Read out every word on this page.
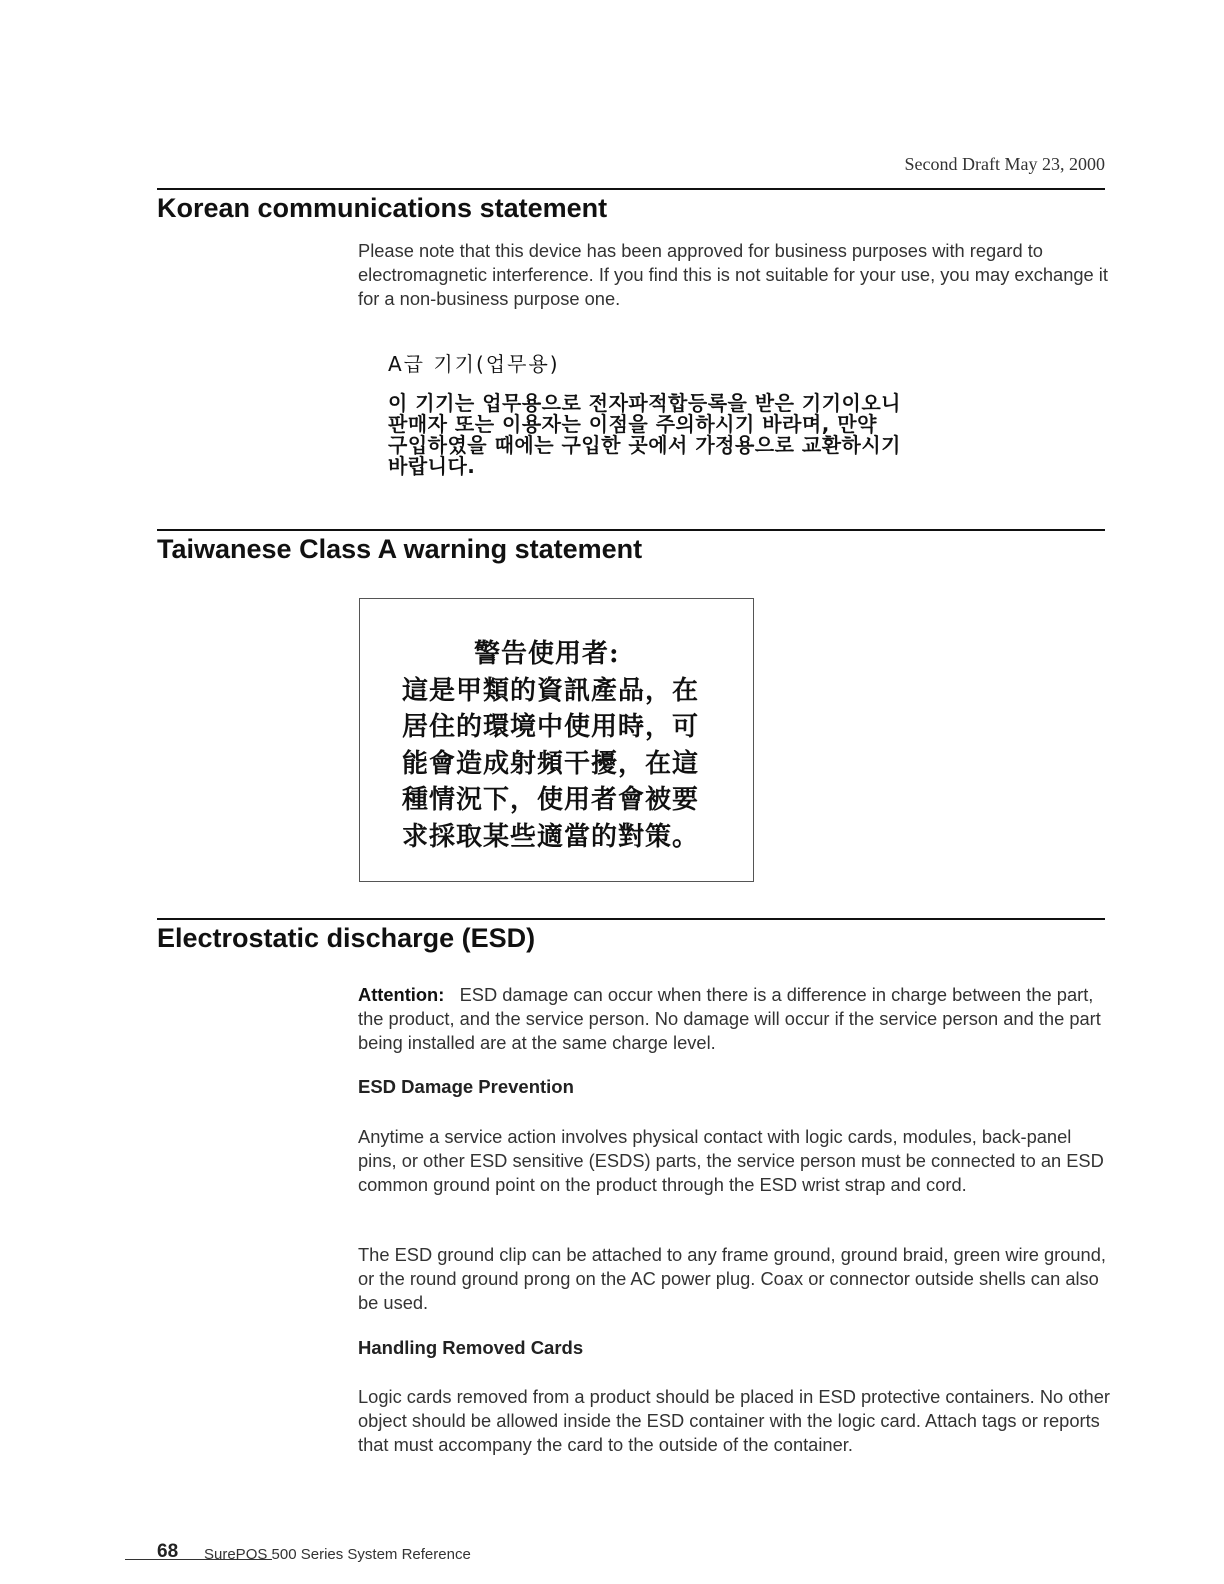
Second Draft May 23, 2000
Korean communications statement

Please note that this device has been approved for business purposes with regard to electromagnetic interference. If you find this is not suitable for your use, you may exchange it for a non-business purpose one.

A급 기기(업무용)
이 기기는 업무용으로 전자파적합등록을 받은 기기이오니
판매자 또는 이용자는 이점을 주의하시기 바라며, 만약
구입하였을 때에는 구입한 곳에서 가정용으로 교환하시기
바랍니다.
Taiwanese Class A warning statement
警告使用者:
這是甲類的資訊產品，在
居住的環境中使用時，可
能會造成射頻干擾，在這
種情況下，使用者會被要
求採取某些適當的對策。
Electrostatic discharge (ESD)

Attention: ESD damage can occur when there is a difference in charge between the part, the product, and the service person. No damage will occur if the service person and the part being installed are at the same charge level.

ESD Damage Prevention

Anytime a service action involves physical contact with logic cards, modules, back-panel pins, or other ESD sensitive (ESDS) parts, the service person must be connected to an ESD common ground point on the product through the ESD wrist strap and cord.

The ESD ground clip can be attached to any frame ground, ground braid, green wire ground, or the round ground prong on the AC power plug. Coax or connector outside shells can also be used.

Handling Removed Cards

Logic cards removed from a product should be placed in ESD protective containers. No other object should be allowed inside the ESD container with the logic card. Attach tags or reports that must accompany the card to the outside of the container.

68 SurePOS 500 Series System Reference
